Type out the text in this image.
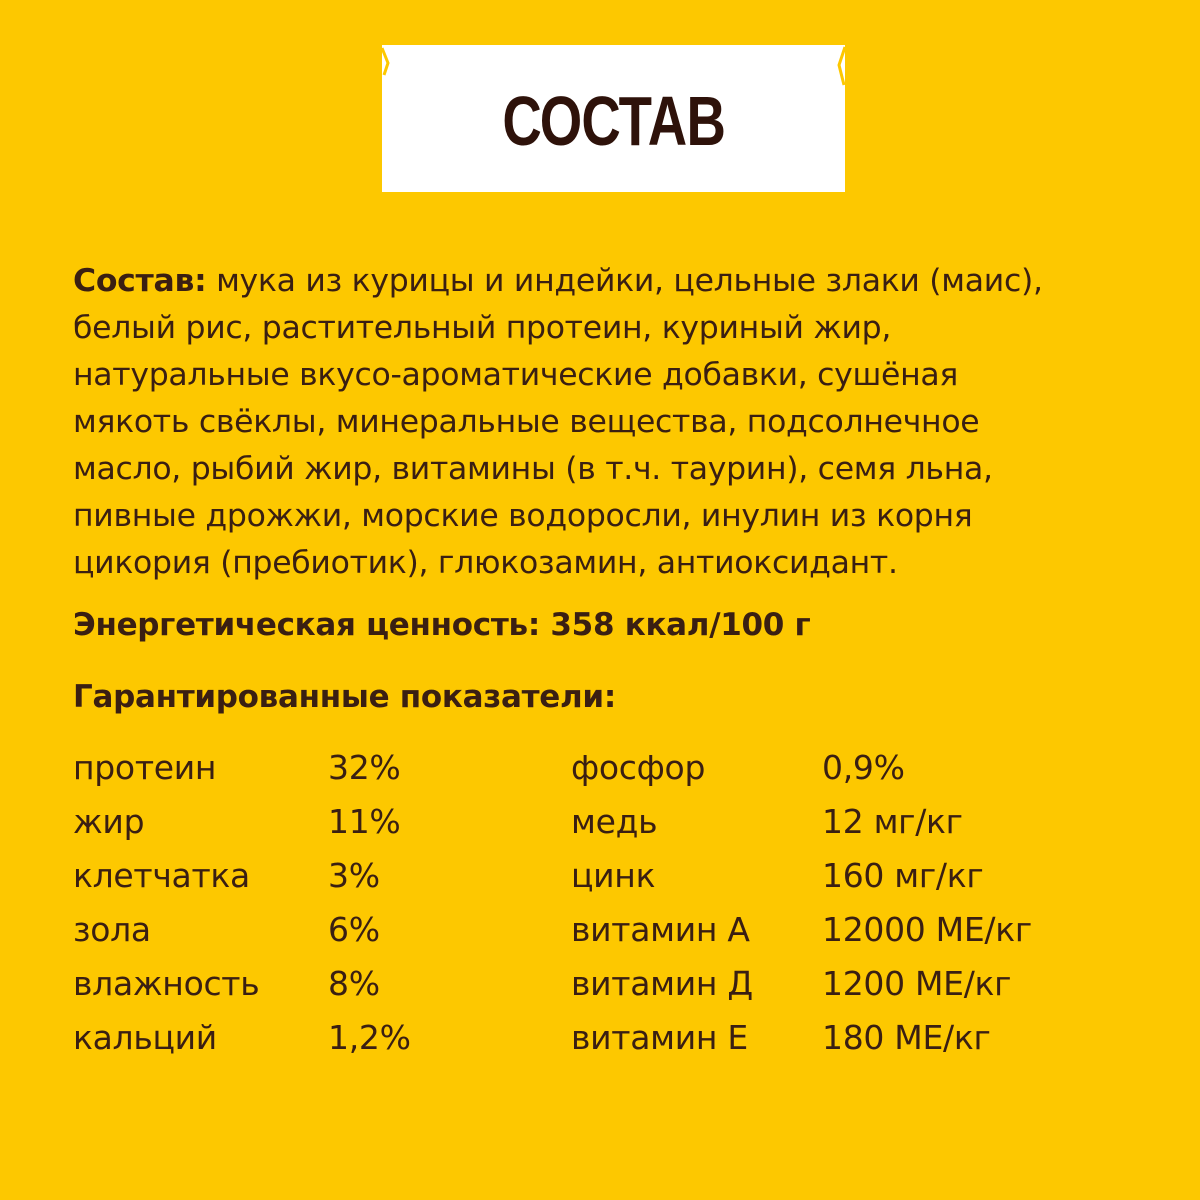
СОСТАВ

Состав: мука из курицы и индейки, цельные злаки (маис),
белый рис, растительный протеин, куриный жир,
натуральные вкусо-ароматические добавки, сушёная
мякоть свёклы, минеральные вещества, подсолнечное
масло, рыбий жир, витамины (в т.ч. таурин), семя льна,
пивные дрожжи, морские водоросли, инулин из корня
цикория (пребиотик), глюкозамин, антиоксидант.

Энергетическая ценность: 358 ккал/100 г

Гарантированные показатели:

протеин	32%	фосфор	0,9%
жир	11%	медь	12 мг/кг
клетчатка 3%	цинк	160 мг/кг
зола	6%	витамин А 12000 МЕ/кг
влажность 8%	витамин Д 1200 МЕ/кг
кальций	1,2%	витамин Е 180 МЕ/кг
